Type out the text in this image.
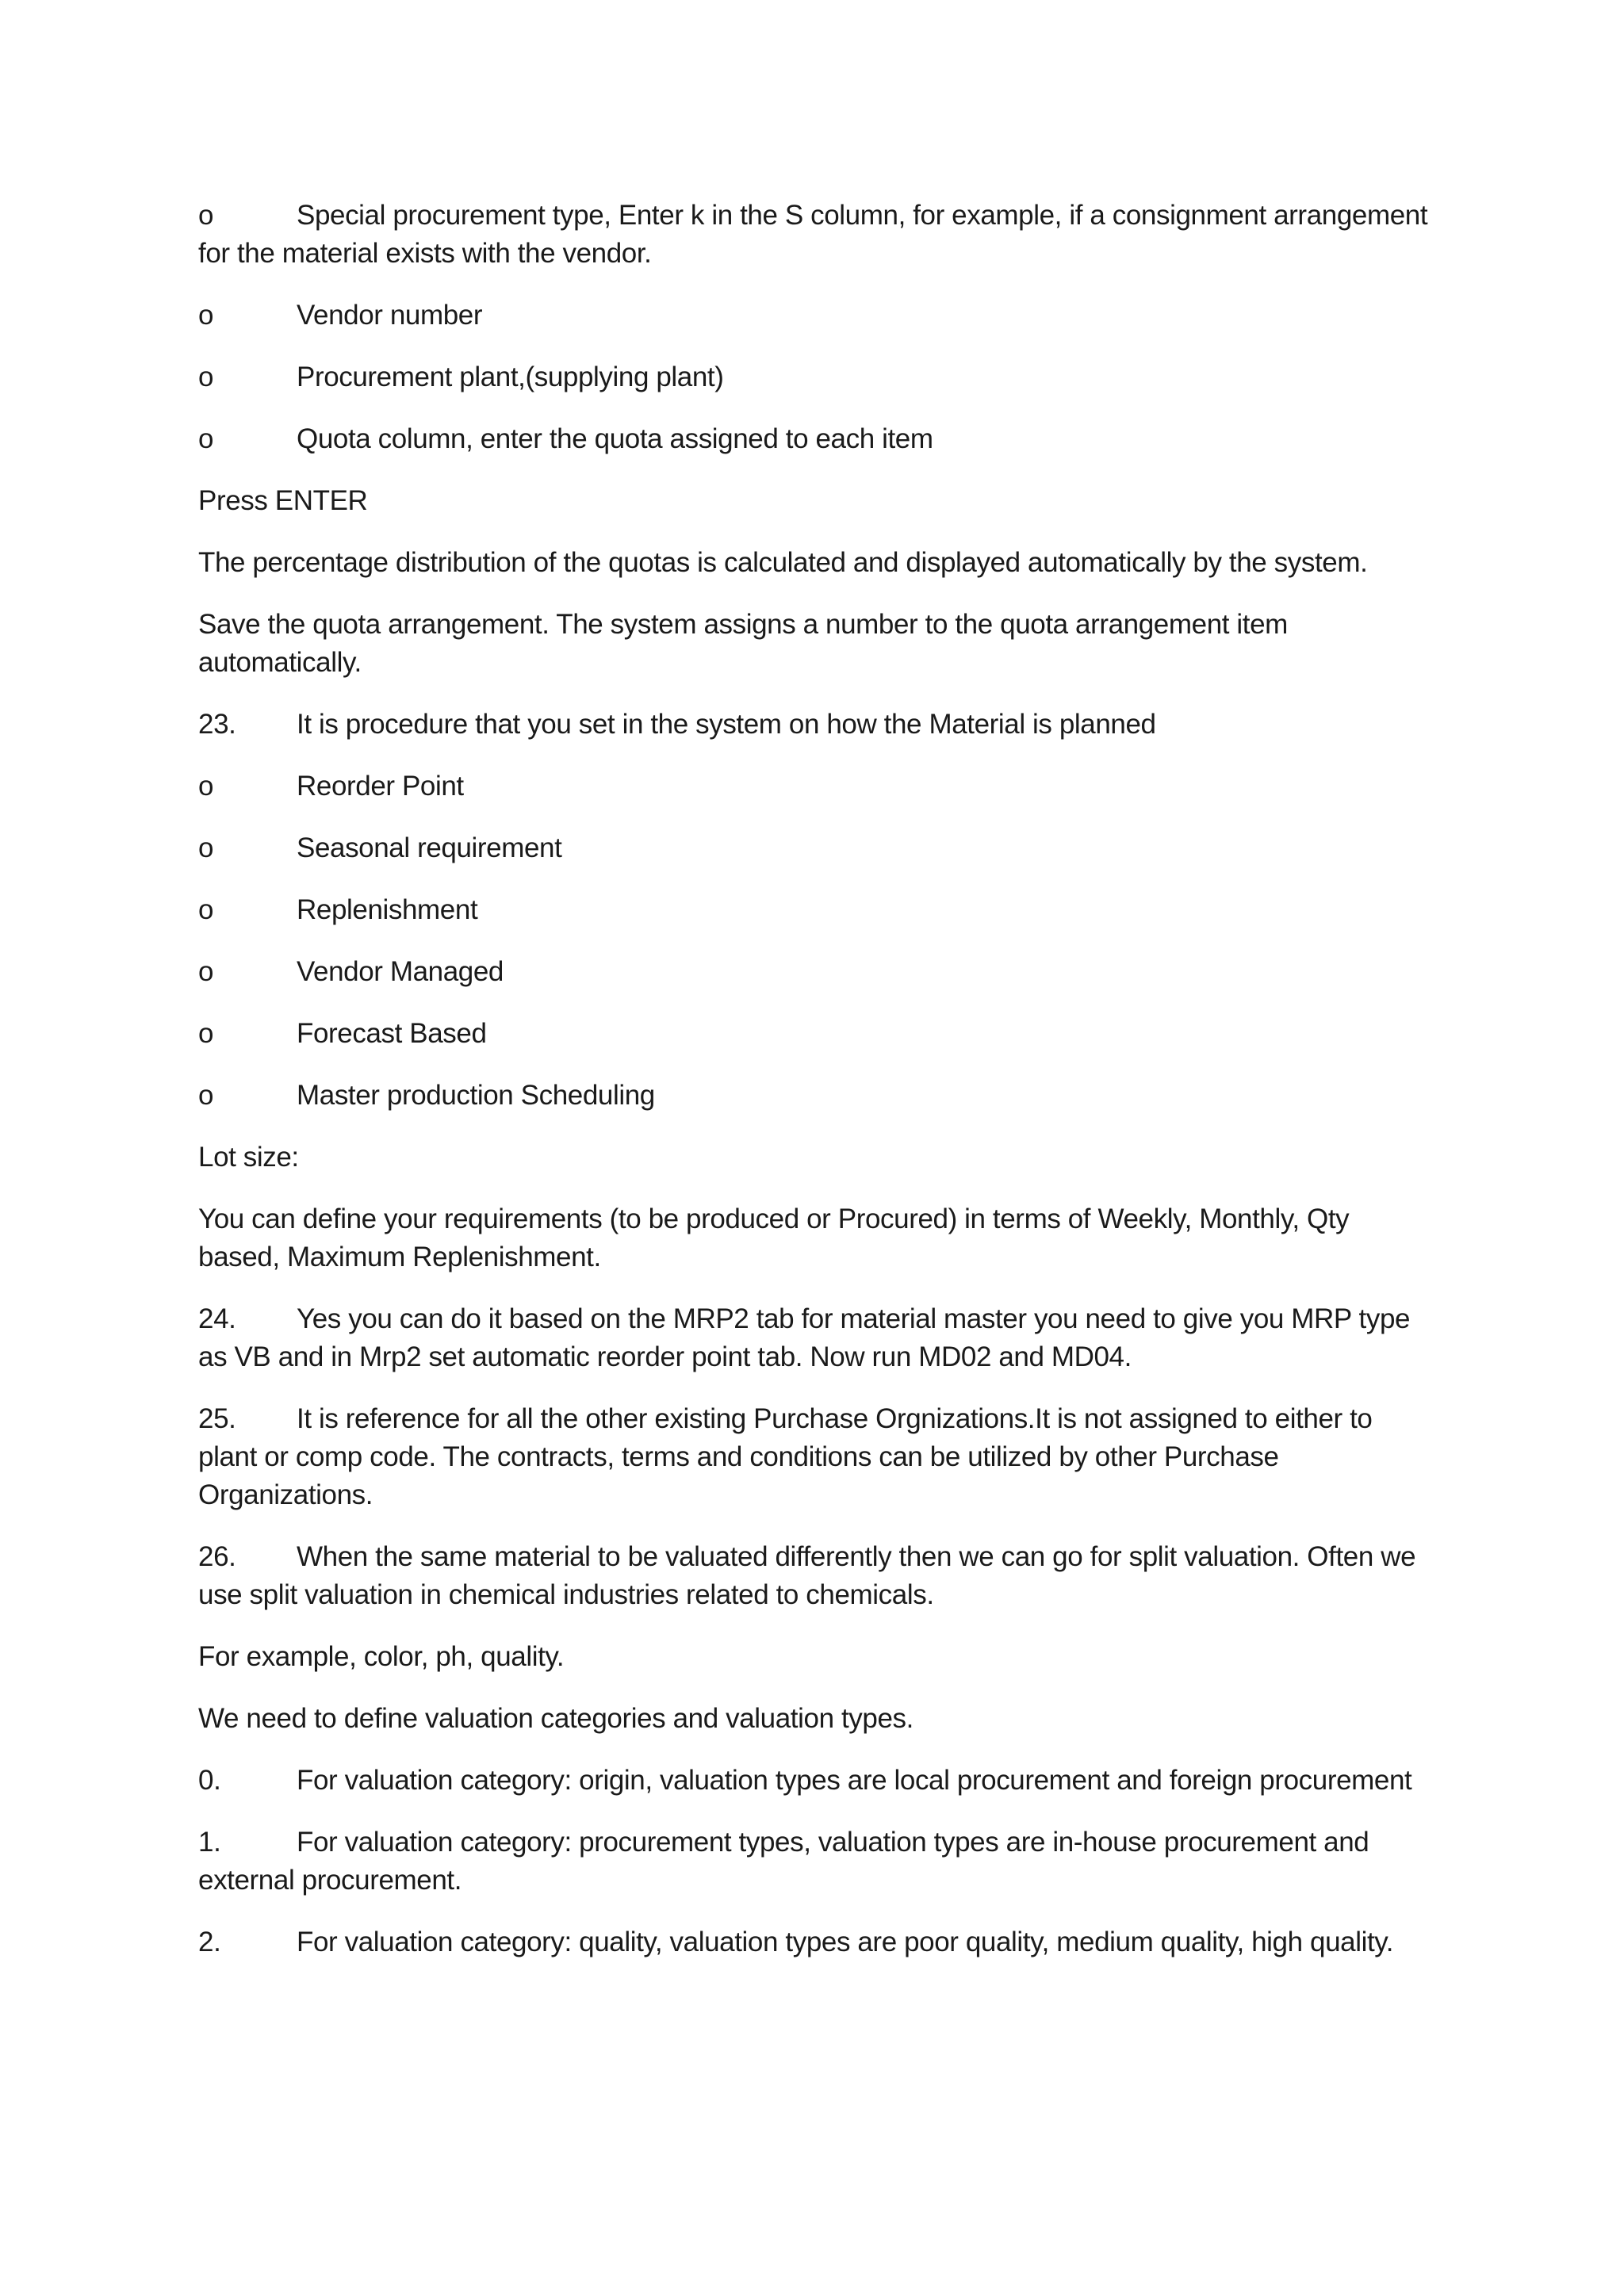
o	Special procurement type, Enter k in the S column, for example, if a consignment arrangement for the material exists with the vendor.
o	Vendor number
o	Procurement plant,(supplying plant)
o	Quota column, enter the quota assigned to each item
Press ENTER
The percentage distribution of the quotas is calculated and displayed automatically by the system.
Save the quota arrangement. The system assigns a number to the quota arrangement item automatically.
23. It is procedure that you set in the system on how the Material is planned
o	Reorder Point
o	Seasonal requirement
o	Replenishment
o	Vendor Managed
o	Forecast Based
o	Master production Scheduling
Lot size:
You can define your requirements (to be produced or Procured) in terms of Weekly, Monthly, Qty based, Maximum Replenishment.
24. Yes you can do it based on the MRP2 tab for material master you need to give you MRP type as VB and in Mrp2 set automatic reorder point tab. Now run MD02 and MD04.
25. It is reference for all the other existing Purchase Orgnizations.It is not assigned to either to plant or comp code. The contracts, terms and conditions can be utilized by other Purchase Organizations.
26. When the same material to be valuated differently then we can go for split valuation. Often we use split valuation in chemical industries related to chemicals.
For example, color, ph, quality.
We need to define valuation categories and valuation types.
0.	For valuation category: origin, valuation types are local procurement and foreign procurement
1.	For valuation category: procurement types, valuation types are in-house procurement and external procurement.
2.	For valuation category: quality, valuation types are poor quality, medium quality, high quality.
